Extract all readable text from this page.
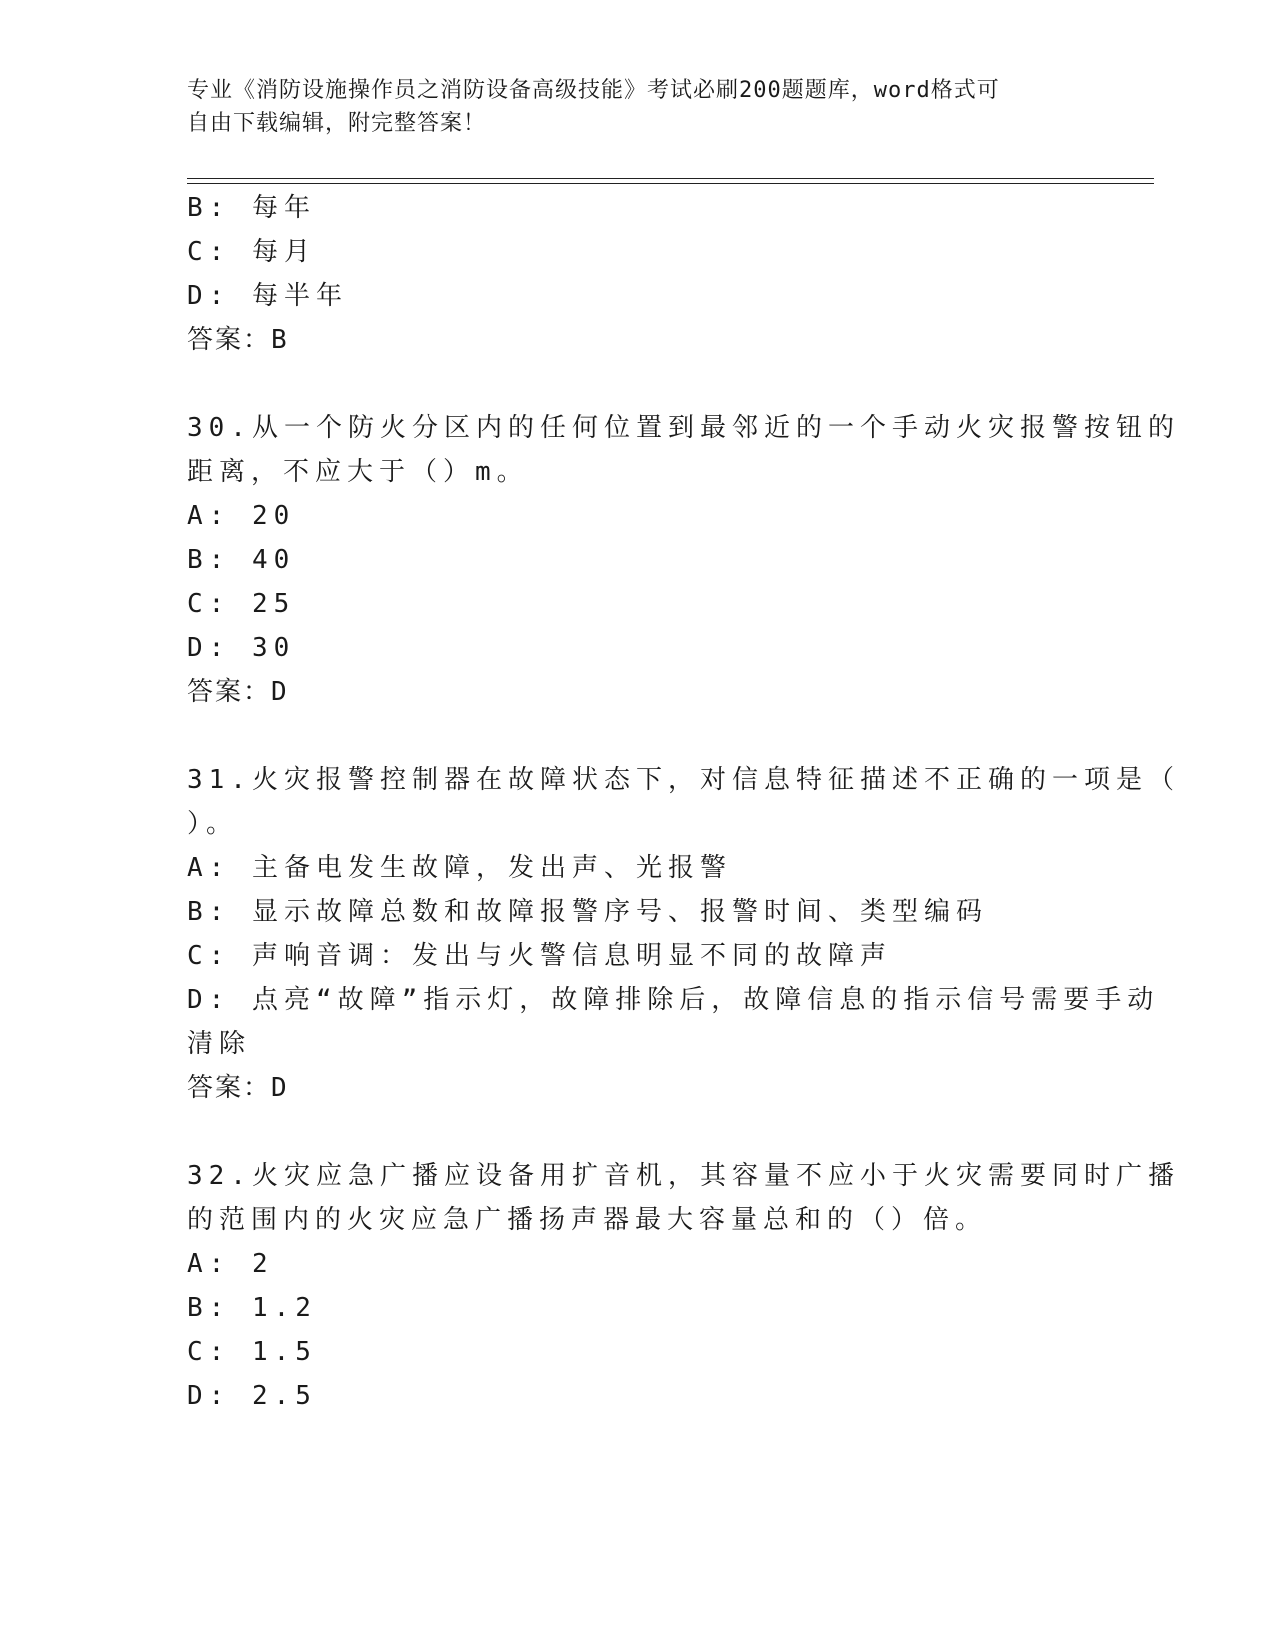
专业《消防设施操作员之消防设备高级技能》考试必刷200题题库，word格式可
自由下载编辑，附完整答案！
B: 每年
C: 每月
D: 每半年
答案：B
30.从一个防火分区内的任何位置到最邻近的一个手动火灾报警按钮的
距离，不应大于（）m。
A: 20
B: 40
C: 25
D: 30
答案：D
31.火灾报警控制器在故障状态下，对信息特征描述不正确的一项是（
）。
A: 主备电发生故障，发出声、光报警
B: 显示故障总数和故障报警序号、报警时间、类型编码
C: 声响音调：发出与火警信息明显不同的故障声
D: 点亮“故障”指示灯，故障排除后，故障信息的指示信号需要手动
清除
答案：D
32.火灾应急广播应设备用扩音机，其容量不应小于火灾需要同时广播
的范围内的火灾应急广播扬声器最大容量总和的（）倍。
A: 2
B: 1.2
C: 1.5
D: 2.5
